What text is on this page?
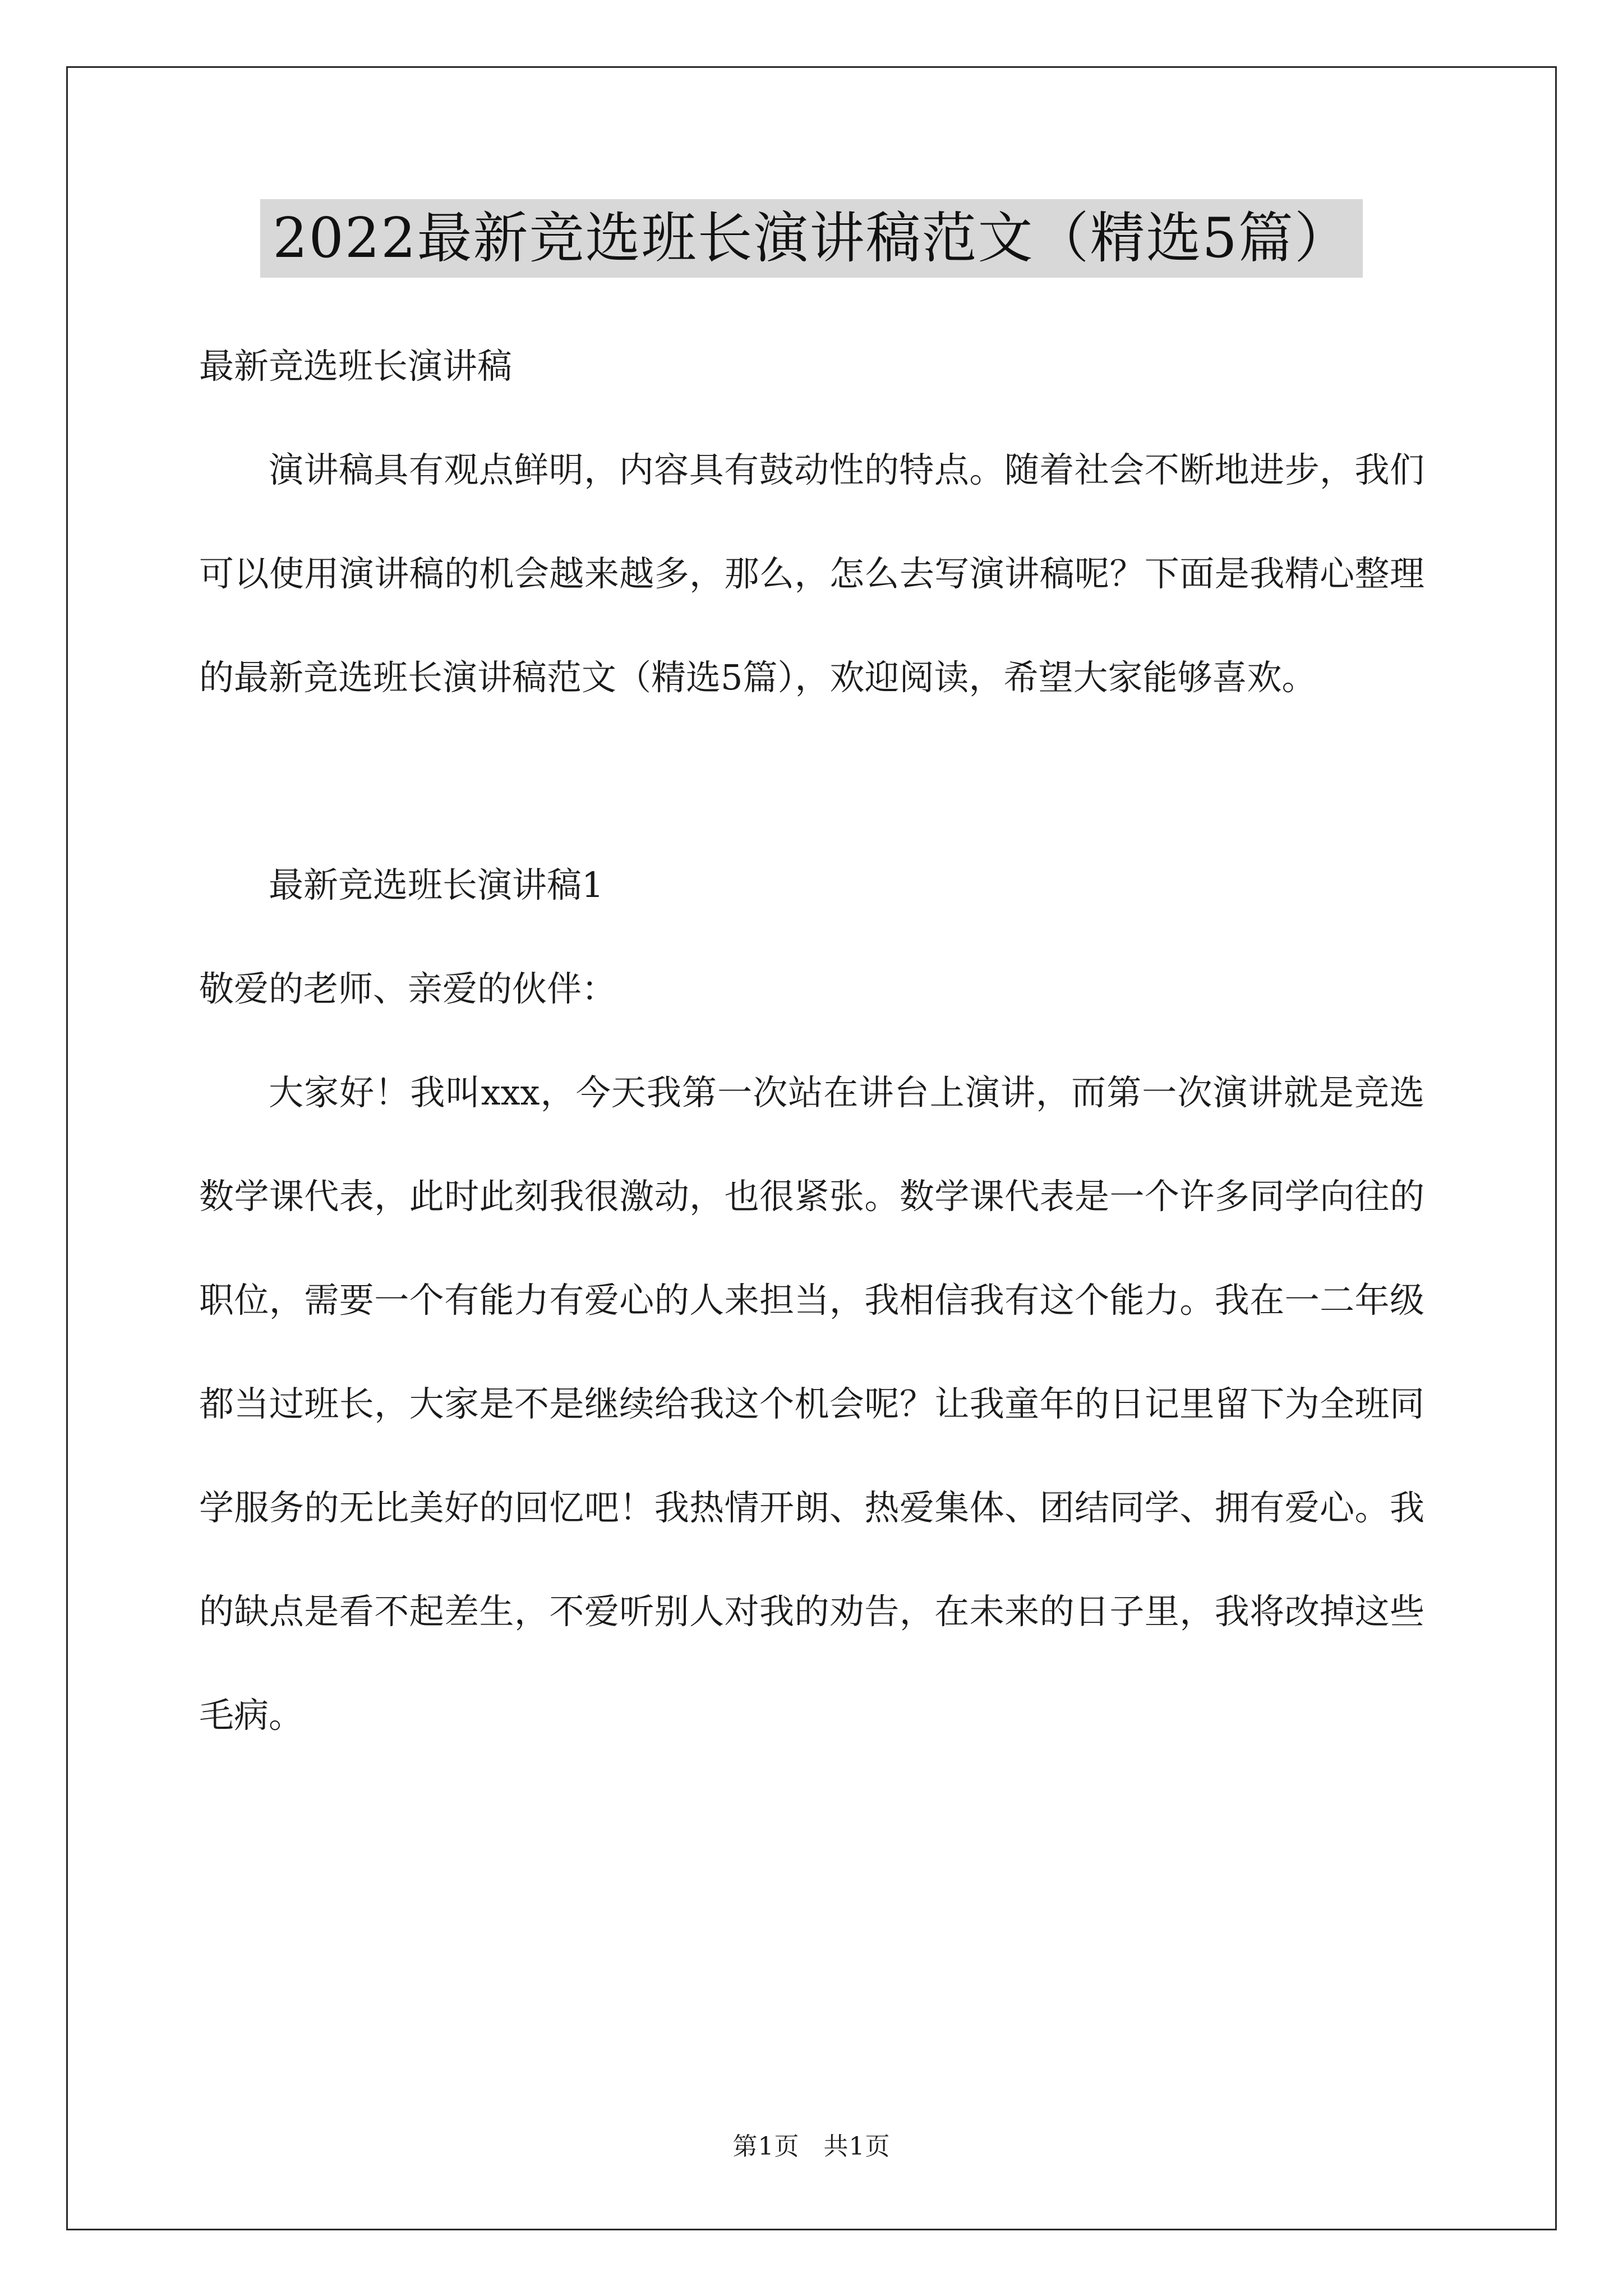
2022最新竞选班长演讲稿范文（精选5篇）
最新竞选班长演讲稿

演讲稿具有观点鲜明，内容具有鼓动性的特点。随着社会不断地进步，我们可以使用演讲稿的机会越来越多，那么，怎么去写演讲稿呢？下面是我精心整理的最新竞选班长演讲稿范文（精选5篇），欢迎阅读，希望大家能够喜欢。

最新竞选班长演讲稿1
敬爱的老师、亲爱的伙伴：

大家好！我叫xxx，今天我第一次站在讲台上演讲，而第一次演讲就是竞选数学课代表，此时此刻我很激动，也很紧张。数学课代表是一个许多同学向往的职位，需要一个有能力有爱心的人来担当，我相信我有这个能力。我在一二年级都当过班长，大家是不是继续给我这个机会呢？让我童年的日记里留下为全班同学服务的无比美好的回忆吧！我热情开朗、热爱集体、团结同学、拥有爱心。我的缺点是看不起差生，不爱听别人对我的劝告，在未来的日子里，我将改掉这些毛病。

第1页 共1页
